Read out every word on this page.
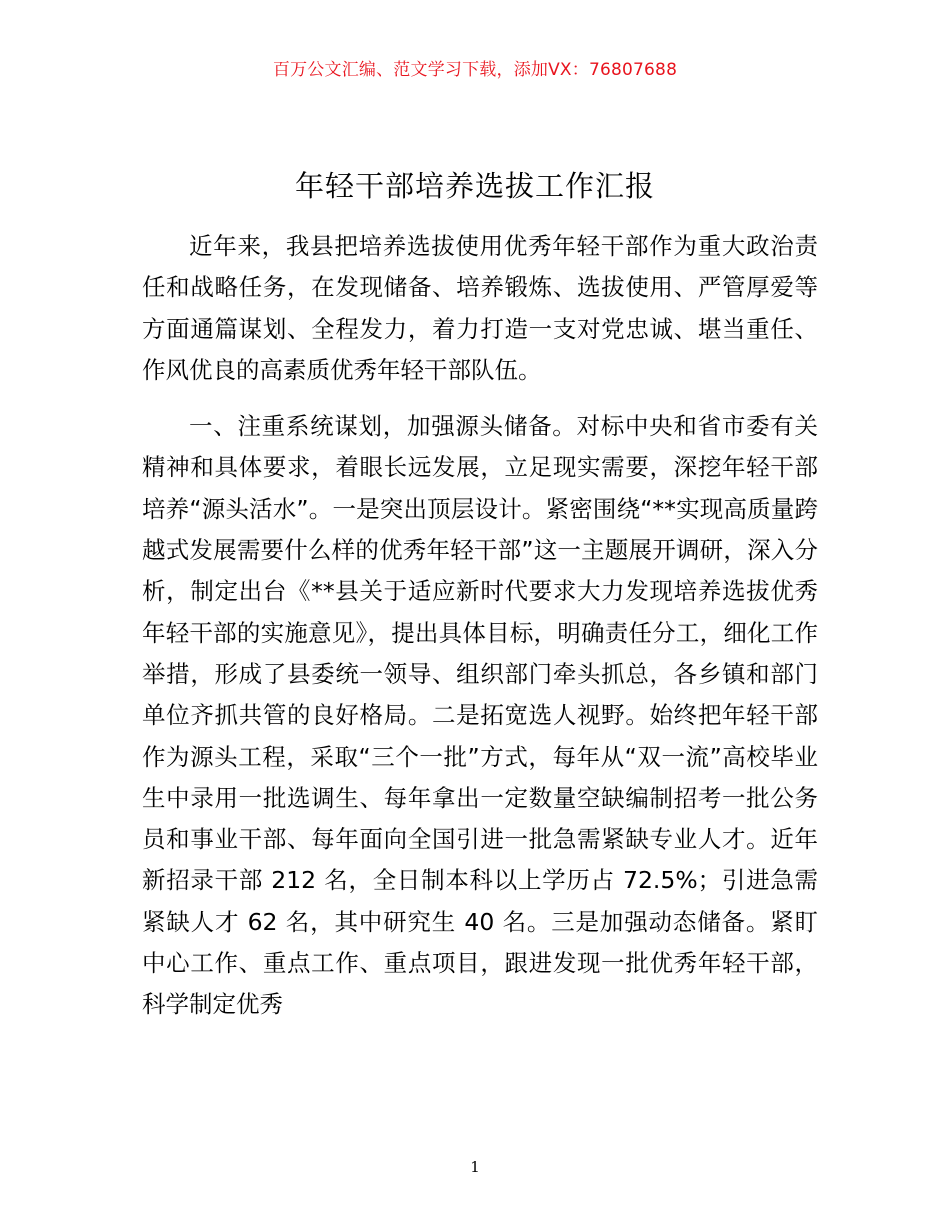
百万公文汇编、范文学习下载，添加VX：76807688
年轻干部培养选拔工作汇报

近年来，我县把培养选拔使用优秀年轻干部作为重大政治责任和战略任务，在发现储备、培养锻炼、选拔使用、严管厚爱等方面通篇谋划、全程发力，着力打造一支对党忠诚、堪当重任、作风优良的高素质优秀年轻干部队伍。

一、注重系统谋划，加强源头储备。对标中央和省市委有关精神和具体要求，着眼长远发展，立足现实需要，深挖年轻干部培养“源头活水”。一是突出顶层设计。紧密围绕“**实现高质量跨越式发展需要什么样的优秀年轻干部”这一主题展开调研，深入分析，制定出台《**县关于适应新时代要求大力发现培养选拔优秀年轻干部的实施意见》，提出具体目标，明确责任分工，细化工作举措，形成了县委统一领导、组织部门牵头抓总，各乡镇和部门单位齐抓共管的良好格局。二是拓宽选人视野。始终把年轻干部作为源头工程，采取“三个一批”方式，每年从“双一流”高校毕业生中录用一批选调生、每年拿出一定数量空缺编制招考一批公务员和事业干部、每年面向全国引进一批急需紧缺专业人才。近年新招录干部 212 名，全日制本科以上学历占 72.5%；引进急需紧缺人才 62 名，其中研究生 40 名。三是加强动态储备。紧盯中心工作、重点工作、重点项目，跟进发现一批优秀年轻干部，科学制定优秀

1
